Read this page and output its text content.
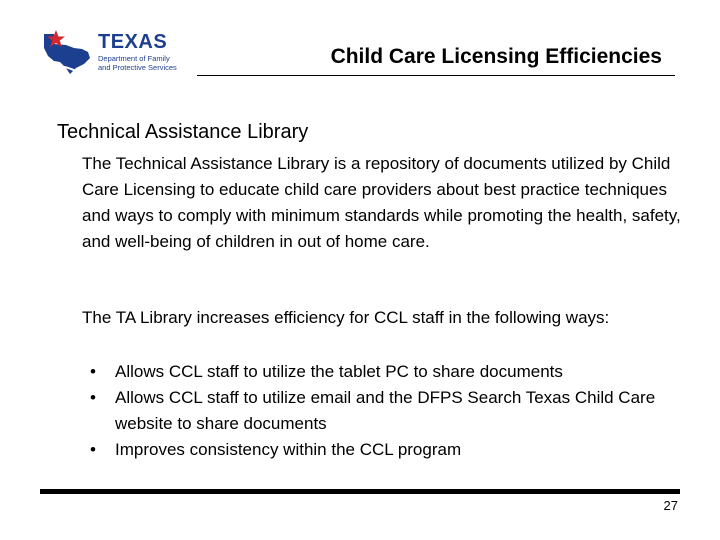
TEXAS
Department of Family
and Protective Services	Child Care Licensing Efficiencies
Technical Assistance Library
The Technical Assistance Library is a repository of documents utilized by Child Care Licensing to educate child care providers about best practice techniques and ways to comply with minimum standards while promoting the health, safety, and well-being of children in out of home care.
The TA Library increases efficiency for CCL staff in the following ways:
• Allows CCL staff to utilize the tablet PC to share documents
• Allows CCL staff to utilize email and the DFPS Search Texas Child Care website to share documents
• Improves consistency within the CCL program
27
